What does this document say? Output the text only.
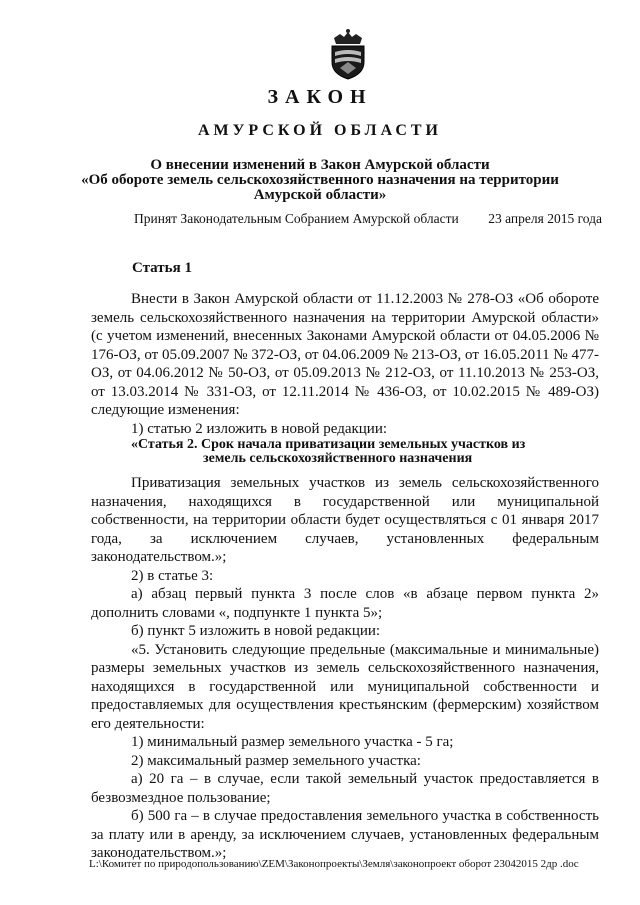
ЗАКОН
АМУРСКОЙ ОБЛАСТИ
О внесении изменений в Закон Амурской области
«Об обороте земель сельскохозяйственного назначения на территории
Амурской области»
Принят Законодательным Собранием Амурской области 23 апреля 2015 года
Статья 1

Внести в Закон Амурской области от 11.12.2003 № 278-ОЗ «Об обороте земель сельскохозяйственного назначения на территории Амурской области» (с учетом изменений, внесенных Законами Амурской области от 04.05.2006 № 176-ОЗ, от 05.09.2007 № 372-ОЗ, от 04.06.2009 № 213-ОЗ, от 16.05.2011 № 477-ОЗ, от 04.06.2012 № 50-ОЗ, от 05.09.2013 № 212-ОЗ, от 11.10.2013 № 253-ОЗ, от 13.03.2014 № 331-ОЗ, от 12.11.2014 № 436-ОЗ, от 10.02.2015 № 489-ОЗ) следующие изменения:

1) статью 2 изложить в новой редакции:

«Статья 2. Срок начала приватизации земельных участков из
земель сельскохозяйственного назначения

Приватизация земельных участков из земель сельскохозяйственного назначения, находящихся в государственной или муниципальной собственности, на территории области будет осуществляться с 01 января 2017 года, за исключением случаев, установленных федеральным законодательством.»;

2) в статье 3:

а) абзац первый пункта 3 после слов «в абзаце первом пункта 2» дополнить словами «, подпункте 1 пункта 5»;

б) пункт 5 изложить в новой редакции:

«5. Установить следующие предельные (максимальные и минимальные) размеры земельных участков из земель сельскохозяйственного назначения, находящихся в государственной или муниципальной собственности и предоставляемых для осуществления крестьянским (фермерским) хозяйством его деятельности:

1) минимальный размер земельного участка - 5 га;

2) максимальный размер земельного участка:

а) 20 га – в случае, если такой земельный участок предоставляется в безвозмездное пользование;

б) 500 га – в случае предоставления земельного участка в собственность за плату или в аренду, за исключением случаев, установленных федеральным законодательством.»;

L:\Комитет по природопользованию\ZEM\Законопроекты\Земля\законопроект оборот 23042015 2др .doc
